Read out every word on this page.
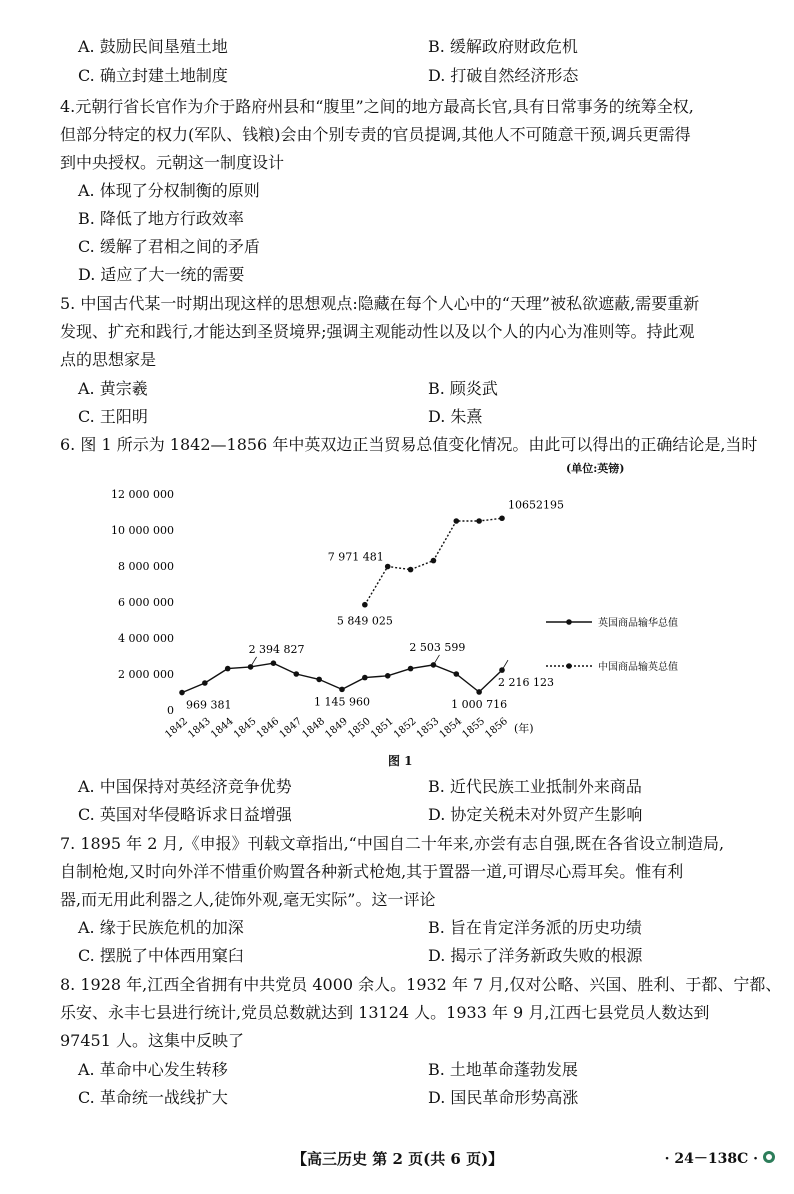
A. 鼓励民间垦殖土地	B. 缓解政府财政危机
C. 确立封建土地制度	D. 打破自然经济形态
4.元朝行省长官作为介于路府州县和“腹里”之间的地方最高长官,具有日常事务的统筹全权,
但部分特定的权力(军队、钱粮)会由个别专责的官员提调,其他人不可随意干预,调兵更需得
到中央授权。元朝这一制度设计
A. 体现了分权制衡的原则
B. 降低了地方行政效率
C. 缓解了君相之间的矛盾
D. 适应了大一统的需要
5. 中国古代某一时期出现这样的思想观点:隐藏在每个人心中的“天理”被私欲遮蔽,需要重新
发现、扩充和践行,才能达到圣贤境界;强调主观能动性以及以个人的内心为准则等。持此观
点的思想家是
A. 黄宗羲	B. 顾炎武
C. 王阳明	D. 朱熹
6. 图 1 所示为 1842—1856 年中英双边正当贸易总值变化情况。由此可以得出的正确结论是,当时
(单位:英镑)
0
2 000 000
4 000 000
6 000 000
8 000 000
10 000 000
12 000 000
1842
1843
1844
1845
1846
1847
1848
1849
1850
1851
1852
1853
1854
1855
1856 (年)
969 381
2 394 827
1 145 960
2 503 599
1 000 716
2 216 123
5 849 025
7 971 481
10652195
英国商品输华总值
中国商品输英总值
图 1
A. 中国保持对英经济竞争优势	B. 近代民族工业抵制外来商品
C. 英国对华侵略诉求日益增强	D. 协定关税未对外贸产生影响
7. 1895 年 2 月,《申报》刊载文章指出,“中国自二十年来,亦尝有志自强,既在各省设立制造局,
自制枪炮,又时向外洋不惜重价购置各种新式枪炮,其于置器一道,可谓尽心焉耳矣。惟有利
器,而无用此利器之人,徒饰外观,毫无实际”。这一评论
A. 缘于民族危机的加深	B. 旨在肯定洋务派的历史功绩
C. 摆脱了中体西用窠臼	D. 揭示了洋务新政失败的根源
8. 1928 年,江西全省拥有中共党员 4000 余人。1932 年 7 月,仅对公略、兴国、胜利、于都、宁都、
乐安、永丰七县进行统计,党员总数就达到 13124 人。1933 年 9 月,江西七县党员人数达到
97451 人。这集中反映了
A. 革命中心发生转移	B. 土地革命蓬勃发展
C. 革命统一战线扩大	D. 国民革命形势高涨
【高三历史 第 2 页(共 6 页)】	· 24－138C ·
